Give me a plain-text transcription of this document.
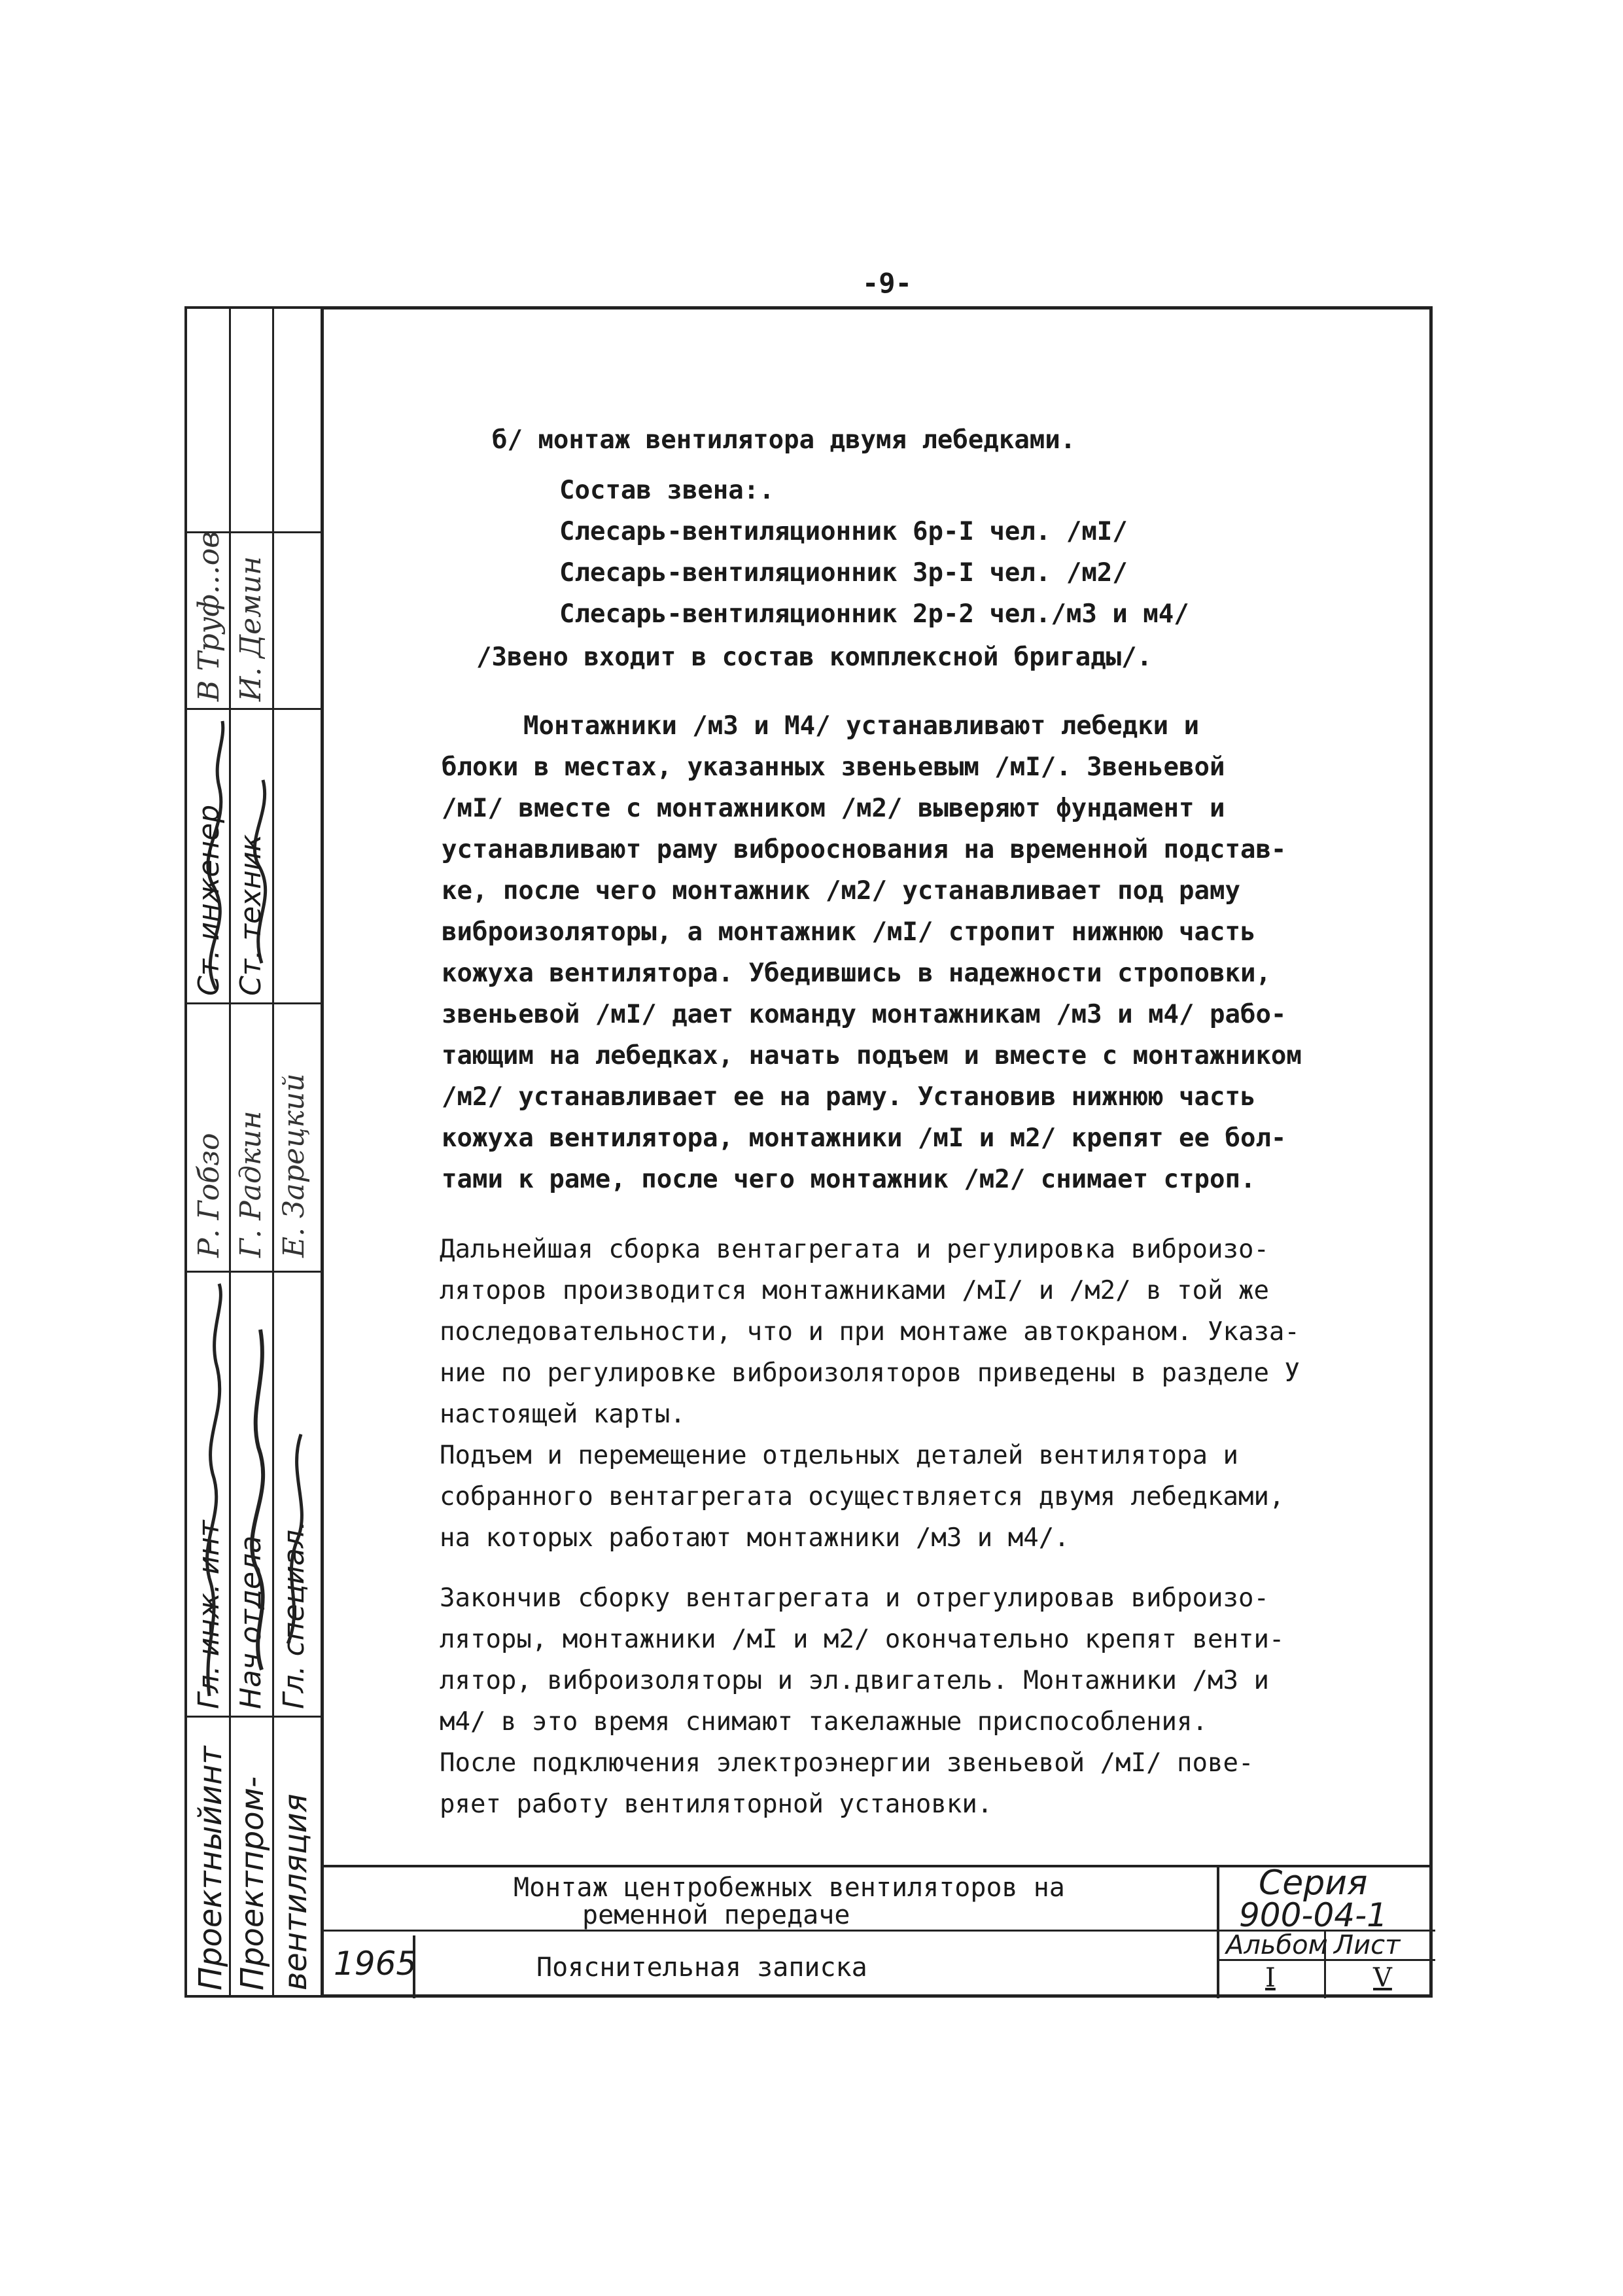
-9-
Проектныйинт Проектпром- вентиляция
Гл. инж. инт Нач отдела Гл. специал.
Р. Гобзо Г. Радкин Е. Зарецкий
Ст. инженер Ст. техник
В Труф…ов И. Демин
б/ монтаж вентилятора двумя лебедками.
Состав звена:.
Слесарь-вентиляционник 6р-I чел. /мI/
Слесарь-вентиляционник 3р-I чел. /м2/
Слесарь-вентиляционник 2р-2 чел./м3 и м4/
/Звено входит в состав комплексной бригады/.
Монтажники /м3 и М4/ устанавливают лебедки и
блоки в местах, указанных звеньевым /мI/. Звеньевой
/мI/ вместе с монтажником /м2/ выверяют фундамент и
устанавливают раму виброоснования на временной подстав-
ке, после чего монтажник /м2/ устанавливает под раму
виброизоляторы, а монтажник /мI/ стропит нижнюю часть
кожуха вентилятора. Убедившись в надежности строповки,
звеньевой /мI/ дает команду монтажникам /м3 и м4/ рабо-
тающим на лебедках, начать подъем и вместе с монтажником
/м2/ устанавливает ее на раму. Установив нижнюю часть
кожуха вентилятора, монтажники /мI и м2/ крепят ее бол-
тами к раме, после чего монтажник /м2/ снимает строп.
Дальнейшая сборка вентагрегата и регулировка виброизо-
ляторов производится монтажниками /мI/ и /м2/ в той же
последовательности, что и при монтаже автокраном. Указа-
ние по регулировке виброизоляторов приведены в разделе У
настоящей карты.
Подъем и перемещение отдельных деталей вентилятора и
собранного вентагрегата осуществляется двумя лебедками,
на которых работают монтажники /м3 и м4/.
Закончив сборку вентагрегата и отрегулировав виброизо-
ляторы, монтажники /мI и м2/ окончательно крепят венти-
лятор, виброизоляторы и эл.двигатель. Монтажники /м3 и
м4/ в это время снимают такелажные приспособления.
После подключения электроэнергии звеньевой /мI/ пове-
ряет работу вентиляторной установки.
1965
Серия
900-04-1
Альбом Лист
I	V
Монтаж центробежных вентиляторов на
ременной передаче
Пояснительная записка
